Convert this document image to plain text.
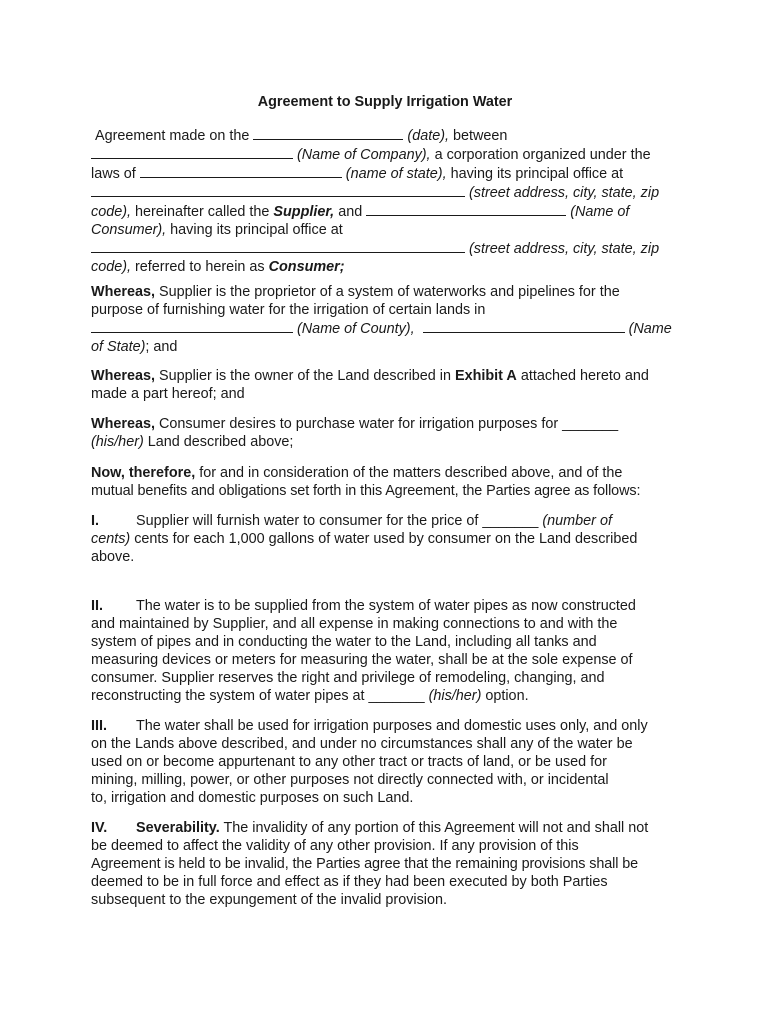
Agreement to Supply Irrigation Water
Agreement made on the	(date), between
(Name of Company), a corporation organized under the
laws of	(name of state), having its principal office at
(street address, city, state, zip
code), hereinafter called the Supplier, and	(Name of
Consumer), having its principal office at
(street address, city, state, zip
code), referred to herein as Consumer;
Whereas, Supplier is the proprietor of a system of waterworks and pipelines for the
purpose of furnishing water for the irrigation of certain lands in
(Name of County),	(Name
of State); and
Whereas, Supplier is the owner of the Land described in Exhibit A attached hereto and
made a part hereof; and
Whereas, Consumer desires to purchase water for irrigation purposes for _______
(his/her) Land described above;
Now, therefore, for and in consideration of the matters described above, and of the
mutual benefits and obligations set forth in this Agreement, the Parties agree as follows:
I.	Supplier will furnish water to consumer for the price of _______ (number of
cents) cents for each 1,000 gallons of water used by consumer on the Land described
above.
II. The water is to be supplied from the system of water pipes as now constructed
and maintained by Supplier, and all expense in making connections to and with the
system of pipes and in conducting the water to the Land, including all tanks and
measuring devices or meters for measuring the water, shall be at the sole expense of
consumer. Supplier reserves the right and privilege of remodeling, changing, and
reconstructing the system of water pipes at _______ (his/her) option.
III. The water shall be used for irrigation purposes and domestic uses only, and only
on the Lands above described, and under no circumstances shall any of the water be
used on or become appurtenant to any other tract or tracts of land, or be used for
mining, milling, power, or other purposes not directly connected with, or incidental
to, irrigation and domestic purposes on such Land.
IV. Severability. The invalidity of any portion of this Agreement will not and shall not
be deemed to affect the validity of any other provision. If any provision of this
Agreement is held to be invalid, the Parties agree that the remaining provisions shall be
deemed to be in full force and effect as if they had been executed by both Parties
subsequent to the expungement of the invalid provision.
